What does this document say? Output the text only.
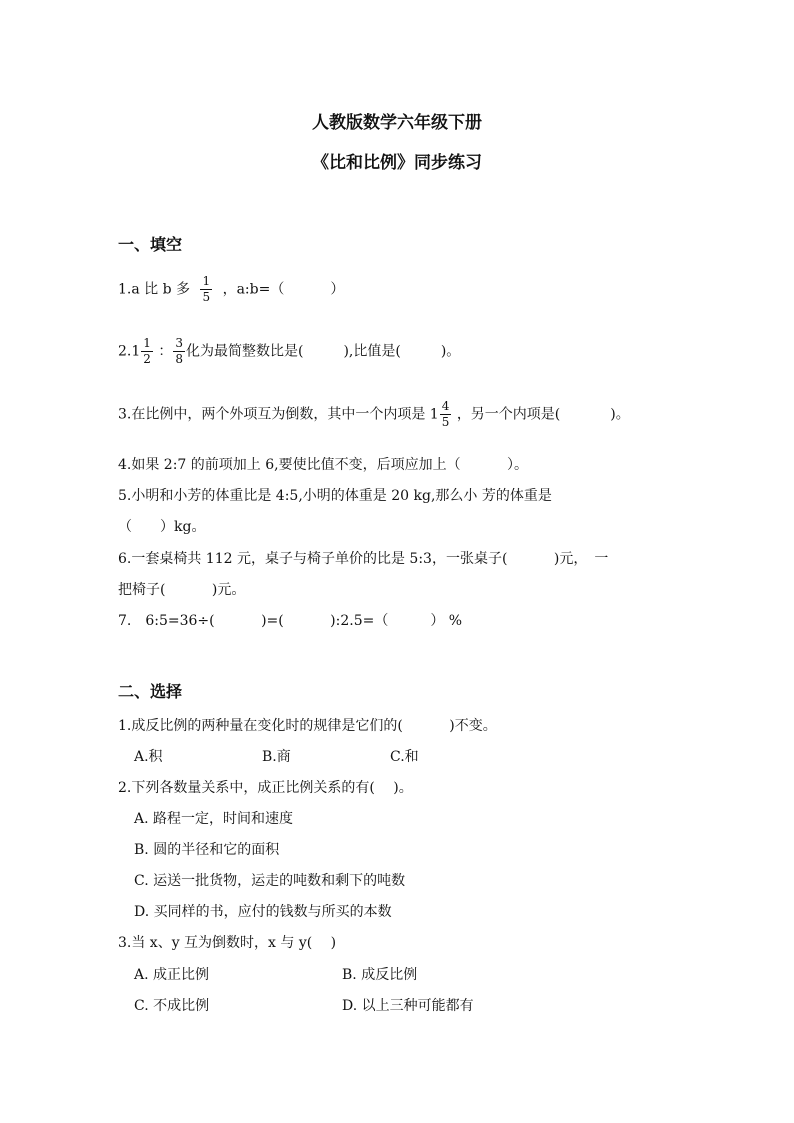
人教版数学六年级下册
《比和比例》同步练习
一、填空
1.a 比 b 多 $\frac{1}{5}$ ，a:b=（	）
$2.1 \frac{1}{2}$ ： $\frac{3}{8}$ 化为最简整数比是(	),比值是(	)。
3.在比例中，两个外项互为倒数，其中一个内项是 $1 \frac{4}{5}$ ，另一个内项是(	)。
4.如果 2:7 的前项加上 6,要使比值不变，后项应加上（　　 　）。
5.小明和小芳的体重比是 4:5,小明的体重是 20 kg,那么小 芳的体重是
（　　）kg。
6.一套桌椅共 112 元，桌子与椅子单价的比是 5:3，一张桌子(　　 　)元，　一
把椅子(　　 　)元。
7.　6:5=36÷(　　　 )=(　　 　):2.5=（　　　） %
二、选择
1.成反比例的两种量在变化时的规律是它们的(　　 　)不变。
A.积	B.商	C.和
2.下列各数量关系中，成正比例关系的有(　 )。
A. 路程一定，时间和速度
B. 圆的半径和它的面积
C. 运送一批货物，运走的吨数和剩下的吨数
D. 买同样的书，应付的钱数与所买的本数
3.当 x、y 互为倒数时，x 与 y(　 )
A. 成正比例	B. 成反比例
C. 不成比例	D. 以上三种可能都有
